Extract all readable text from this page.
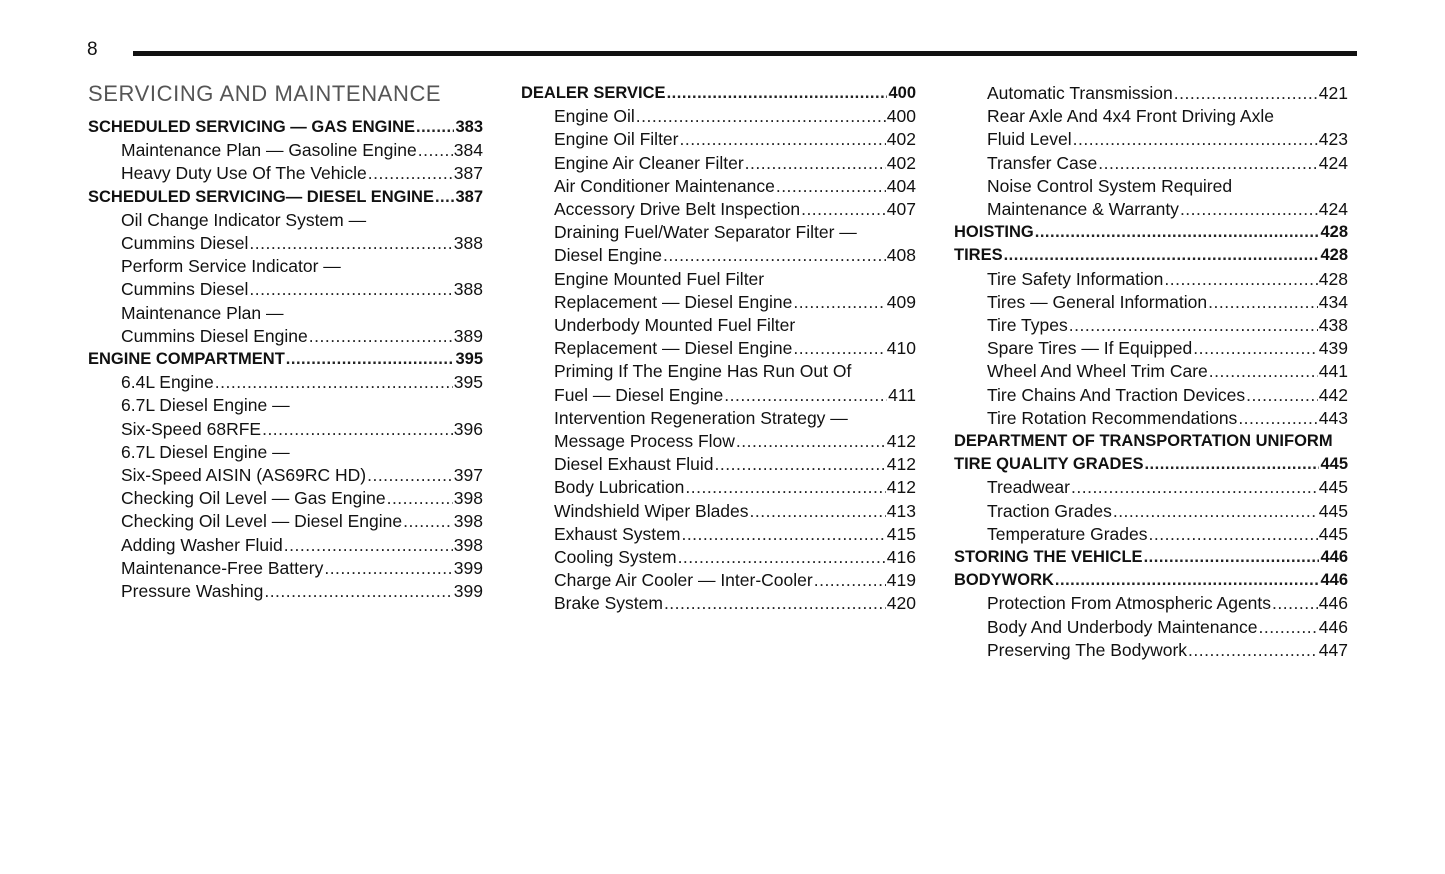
8
SERVICING AND MAINTENANCE
SCHEDULED SERVICING — GAS ENGINE ..... 383
Maintenance Plan — Gasoline Engine ..... 384
Heavy Duty Use Of The Vehicle .....	387
SCHEDULED SERVICING— DIESEL ENGINE ..... 387
Oil Change Indicator System —
Cummins Diesel .....	388
Perform Service Indicator —
Cummins Diesel .....	388
Maintenance Plan —
Cummins Diesel Engine .....	389
ENGINE COMPARTMENT .....	395
6.4L Engine .....	395
6.7L Diesel Engine —
Six-Speed 68RFE .....	396
6.7L Diesel Engine —
Six-Speed AISIN (AS69RC HD) .....	397
Checking Oil Level — Gas Engine .....	398
Checking Oil Level — Diesel Engine .....	398
Adding Washer Fluid .....	398
Maintenance-Free Battery .....	399
Pressure Washing .....	399
DEALER SERVICE .....	400
Engine Oil .....	400
Engine Oil Filter .....	402
Engine Air Cleaner Filter .....	402
Air Conditioner Maintenance .....	404
Accessory Drive Belt Inspection .....	407
Draining Fuel/Water Separator Filter —
Diesel Engine .....	408
Engine Mounted Fuel Filter
Replacement — Diesel Engine .....	409
Underbody Mounted Fuel Filter
Replacement — Diesel Engine .....	410
Priming If The Engine Has Run Out Of
Fuel — Diesel Engine .....	411
Intervention Regeneration Strategy —
Message Process Flow .....	412
Diesel Exhaust Fluid .....	412
Body Lubrication .....	412
Windshield Wiper Blades .....	413
Exhaust System .....	415
Cooling System .....	416
Charge Air Cooler — Inter-Cooler .....	419
Brake System .....	420
Automatic Transmission .....	421
Rear Axle And 4x4 Front Driving Axle
Fluid Level .....	423
Transfer Case .....	424
Noise Control System Required
Maintenance & Warranty .....	424
HOISTING .....	428
TIRES .....	428
Tire Safety Information .....	428
Tires — General Information .....	434
Tire Types .....	438
Spare Tires — If Equipped .....	439
Wheel And Wheel Trim Care .....	441
Tire Chains And Traction Devices .....	442
Tire Rotation Recommendations .....	443
DEPARTMENT OF TRANSPORTATION UNIFORM
TIRE QUALITY GRADES .....	445
Treadwear .....	445
Traction Grades .....	445
Temperature Grades .....	445
STORING THE VEHICLE .....	446
BODYWORK .....	446
Protection From Atmospheric Agents .....	446
Body And Underbody Maintenance .....	446
Preserving The Bodywork .....	447
